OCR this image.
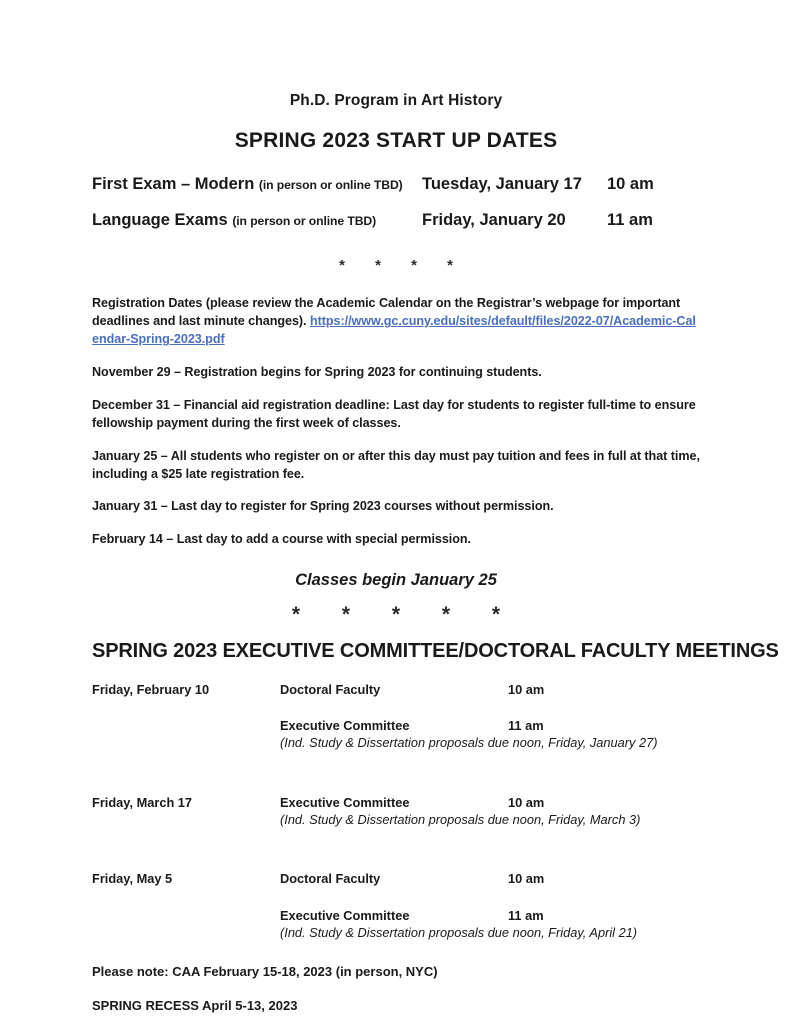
Ph.D. Program in Art History
SPRING 2023 START UP DATES
First Exam – Modern (in person or online TBD)	Tuesday, January 17	10 am
Language Exams (in person or online TBD)	Friday, January 20	11 am
* * * *

Registration Dates (please review the Academic Calendar on the Registrar’s webpage for important deadlines and last minute changes). https://www.gc.cuny.edu/sites/default/files/2022-07/Academic-Calendar-Spring-2023.pdf

November 29 – Registration begins for Spring 2023 for continuing students.

December 31 – Financial aid registration deadline: Last day for students to register full-time to ensure fellowship payment during the first week of classes.

January 25 – All students who register on or after this day must pay tuition and fees in full at that time, including a $25 late registration fee.

January 31 – Last day to register for Spring 2023 courses without permission.

February 14 – Last day to add a course with special permission.

Classes begin January 25
* * * * *
SPRING 2023 EXECUTIVE COMMITTEE/DOCTORAL FACULTY MEETINGS
Friday, February 10	Doctoral Faculty	10 am

	Executive Committee	11 am
	(Ind. Study & Dissertation proposals due noon, Friday, January 27)	

Friday, March 17	Executive Committee	10 am
	(Ind. Study & Dissertation proposals due noon, Friday, March 3)	

Friday, May 5	Doctoral Faculty	10 am

	Executive Committee	11 am
	(Ind. Study & Dissertation proposals due noon, Friday, April 21)	
Please note: CAA February 15-18, 2023 (in person, NYC)
SPRING RECESS April 5-13, 2023
